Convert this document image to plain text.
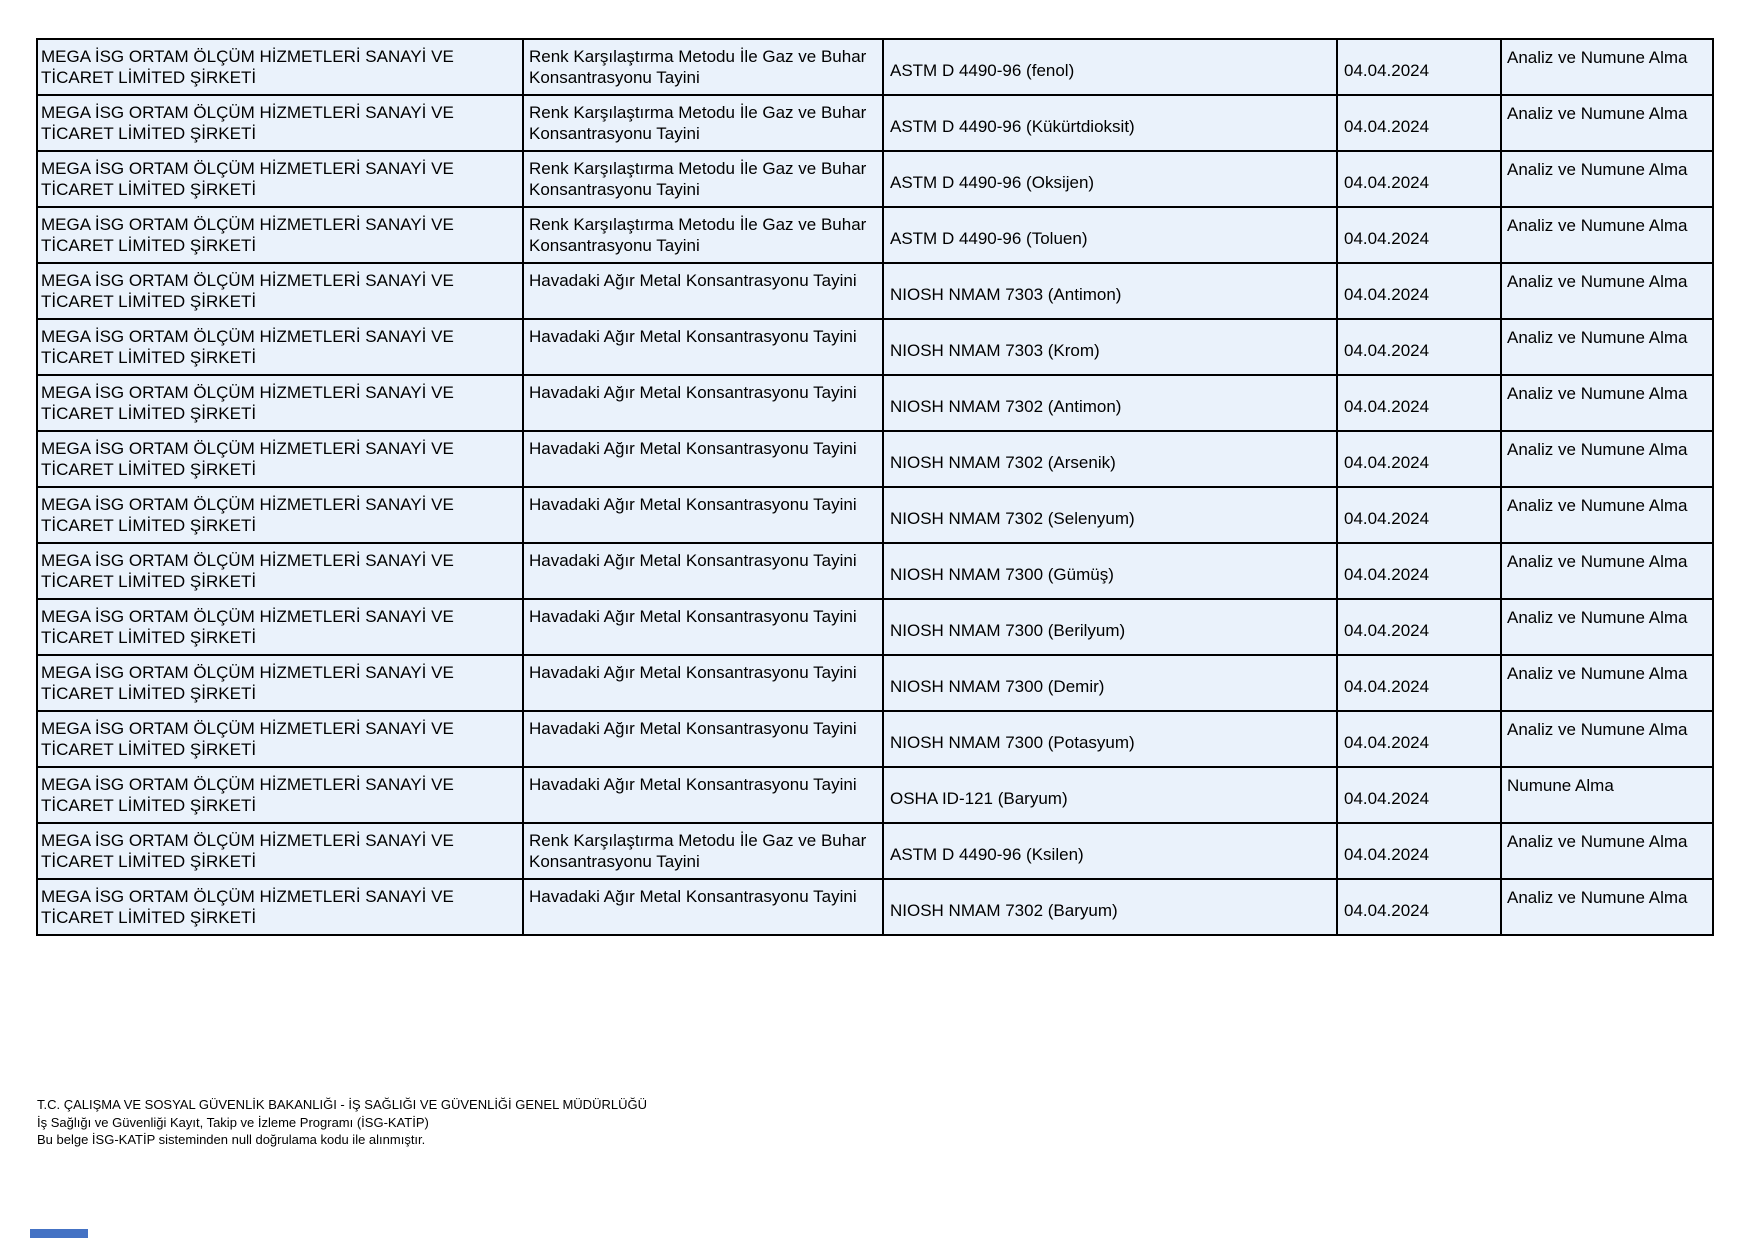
MEGA İSG ORTAM ÖLÇÜM HİZMETLERİ SANAYİ VE TİCARET LİMİTED ŞİRKETİ	Renk Karşılaştırma Metodu İle Gaz ve Buhar Konsantrasyonu Tayini	ASTM D 4490-96 (fenol)	04.04.2024	Analiz ve Numune Alma
MEGA İSG ORTAM ÖLÇÜM HİZMETLERİ SANAYİ VE TİCARET LİMİTED ŞİRKETİ	Renk Karşılaştırma Metodu İle Gaz ve Buhar Konsantrasyonu Tayini	ASTM D 4490-96 (Kükürtdioksit)	04.04.2024	Analiz ve Numune Alma
MEGA İSG ORTAM ÖLÇÜM HİZMETLERİ SANAYİ VE TİCARET LİMİTED ŞİRKETİ	Renk Karşılaştırma Metodu İle Gaz ve Buhar Konsantrasyonu Tayini	ASTM D 4490-96 (Oksijen)	04.04.2024	Analiz ve Numune Alma
MEGA İSG ORTAM ÖLÇÜM HİZMETLERİ SANAYİ VE TİCARET LİMİTED ŞİRKETİ	Renk Karşılaştırma Metodu İle Gaz ve Buhar Konsantrasyonu Tayini	ASTM D 4490-96 (Toluen)	04.04.2024	Analiz ve Numune Alma
MEGA İSG ORTAM ÖLÇÜM HİZMETLERİ SANAYİ VE TİCARET LİMİTED ŞİRKETİ	Havadaki Ağır Metal Konsantrasyonu Tayini	NIOSH NMAM 7303 (Antimon)	04.04.2024	Analiz ve Numune Alma
MEGA İSG ORTAM ÖLÇÜM HİZMETLERİ SANAYİ VE TİCARET LİMİTED ŞİRKETİ	Havadaki Ağır Metal Konsantrasyonu Tayini	NIOSH NMAM 7303 (Krom)	04.04.2024	Analiz ve Numune Alma
MEGA İSG ORTAM ÖLÇÜM HİZMETLERİ SANAYİ VE TİCARET LİMİTED ŞİRKETİ	Havadaki Ağır Metal Konsantrasyonu Tayini	NIOSH NMAM 7302 (Antimon)	04.04.2024	Analiz ve Numune Alma
MEGA İSG ORTAM ÖLÇÜM HİZMETLERİ SANAYİ VE TİCARET LİMİTED ŞİRKETİ	Havadaki Ağır Metal Konsantrasyonu Tayini	NIOSH NMAM 7302 (Arsenik)	04.04.2024	Analiz ve Numune Alma
MEGA İSG ORTAM ÖLÇÜM HİZMETLERİ SANAYİ VE TİCARET LİMİTED ŞİRKETİ	Havadaki Ağır Metal Konsantrasyonu Tayini	NIOSH NMAM 7302 (Selenyum)	04.04.2024	Analiz ve Numune Alma
MEGA İSG ORTAM ÖLÇÜM HİZMETLERİ SANAYİ VE TİCARET LİMİTED ŞİRKETİ	Havadaki Ağır Metal Konsantrasyonu Tayini	NIOSH NMAM 7300 (Gümüş)	04.04.2024	Analiz ve Numune Alma
MEGA İSG ORTAM ÖLÇÜM HİZMETLERİ SANAYİ VE TİCARET LİMİTED ŞİRKETİ	Havadaki Ağır Metal Konsantrasyonu Tayini	NIOSH NMAM 7300 (Berilyum)	04.04.2024	Analiz ve Numune Alma
MEGA İSG ORTAM ÖLÇÜM HİZMETLERİ SANAYİ VE TİCARET LİMİTED ŞİRKETİ	Havadaki Ağır Metal Konsantrasyonu Tayini	NIOSH NMAM 7300 (Demir)	04.04.2024	Analiz ve Numune Alma
MEGA İSG ORTAM ÖLÇÜM HİZMETLERİ SANAYİ VE TİCARET LİMİTED ŞİRKETİ	Havadaki Ağır Metal Konsantrasyonu Tayini	NIOSH NMAM 7300 (Potasyum)	04.04.2024	Analiz ve Numune Alma
MEGA İSG ORTAM ÖLÇÜM HİZMETLERİ SANAYİ VE TİCARET LİMİTED ŞİRKETİ	Havadaki Ağır Metal Konsantrasyonu Tayini	OSHA ID-121 (Baryum)	04.04.2024	Numune Alma
MEGA İSG ORTAM ÖLÇÜM HİZMETLERİ SANAYİ VE TİCARET LİMİTED ŞİRKETİ	Renk Karşılaştırma Metodu İle Gaz ve Buhar Konsantrasyonu Tayini	ASTM D 4490-96 (Ksilen)	04.04.2024	Analiz ve Numune Alma
MEGA İSG ORTAM ÖLÇÜM HİZMETLERİ SANAYİ VE TİCARET LİMİTED ŞİRKETİ	Havadaki Ağır Metal Konsantrasyonu Tayini	NIOSH NMAM 7302 (Baryum)	04.04.2024	Analiz ve Numune Alma
T.C. ÇALIŞMA VE SOSYAL GÜVENLİK BAKANLIĞI - İŞ SAĞLIĞI VE GÜVENLİĞİ GENEL MÜDÜRLÜĞÜ
İş Sağlığı ve Güvenliği Kayıt, Takip ve İzleme Programı (İSG-KATİP)
Bu belge İSG-KATİP sisteminden null doğrulama kodu ile alınmıştır.
